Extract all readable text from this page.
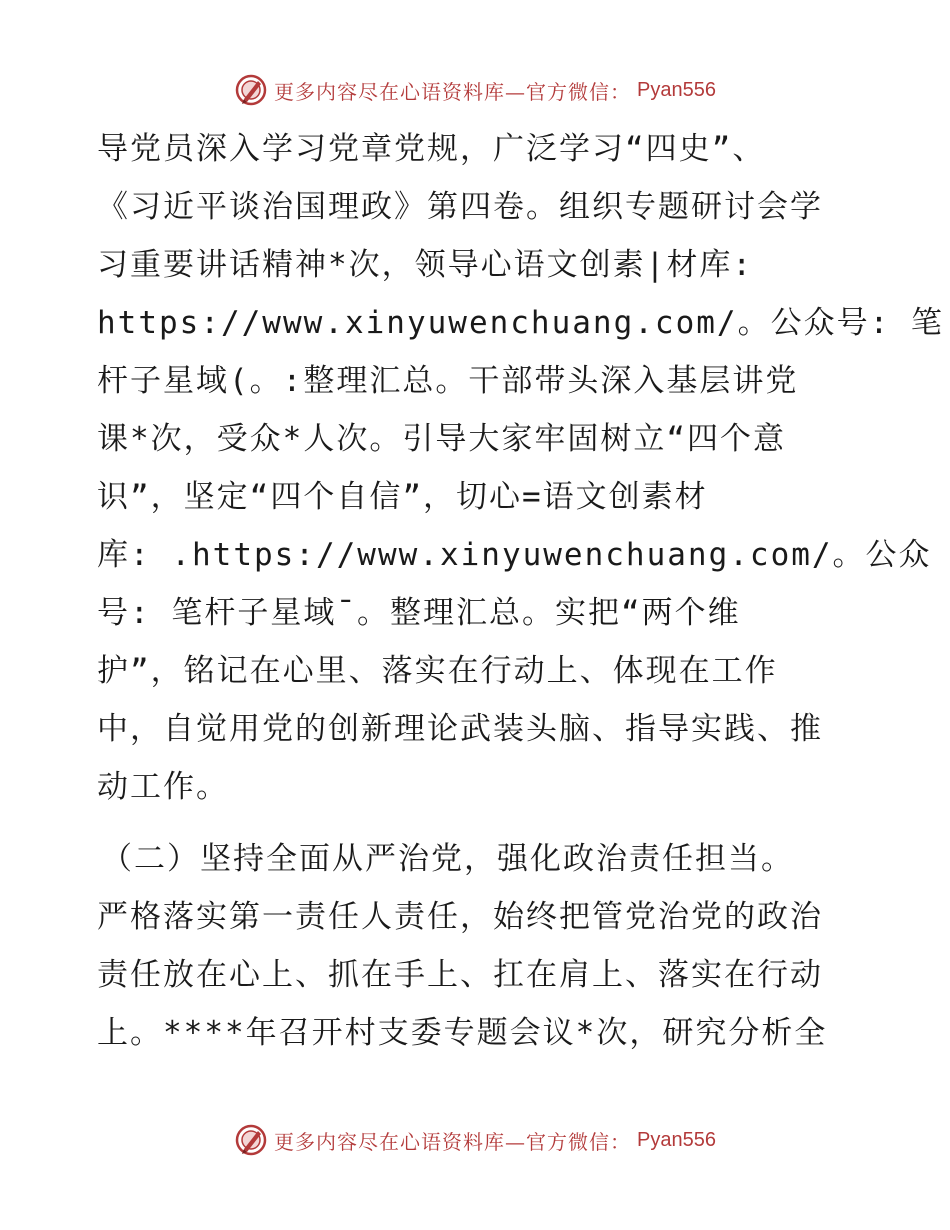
更多内容尽在心语资料库—官方微信： Pyan556
导党员深入学习党章党规，广泛学习“四史”、
《习近平谈治国理政》第四卷。组织专题研讨会学
习重要讲话精神*次，领导心语文创素|材库:
https://www.xinyuwenchuang.com/。公众号: 笔
杆子星域(。:整理汇总。干部带头深入基层讲党
课*次，受众*人次。引导大家牢固树立“四个意
识”，坚定“四个自信”，切心=语文创素材
库: .https://www.xinyuwenchuang.com/。公众
号: 笔杆子星域¯。整理汇总。实把“两个维
护”，铭记在心里、落实在行动上、体现在工作
中，自觉用党的创新理论武装头脑、指导实践、推
动工作。
（二）坚持全面从严治党，强化政治责任担当。
严格落实第一责任人责任，始终把管党治党的政治
责任放在心上、抓在手上、扛在肩上、落实在行动
上。****年召开村支委专题会议*次，研究分析全
更多内容尽在心语资料库—官方微信： Pyan556
